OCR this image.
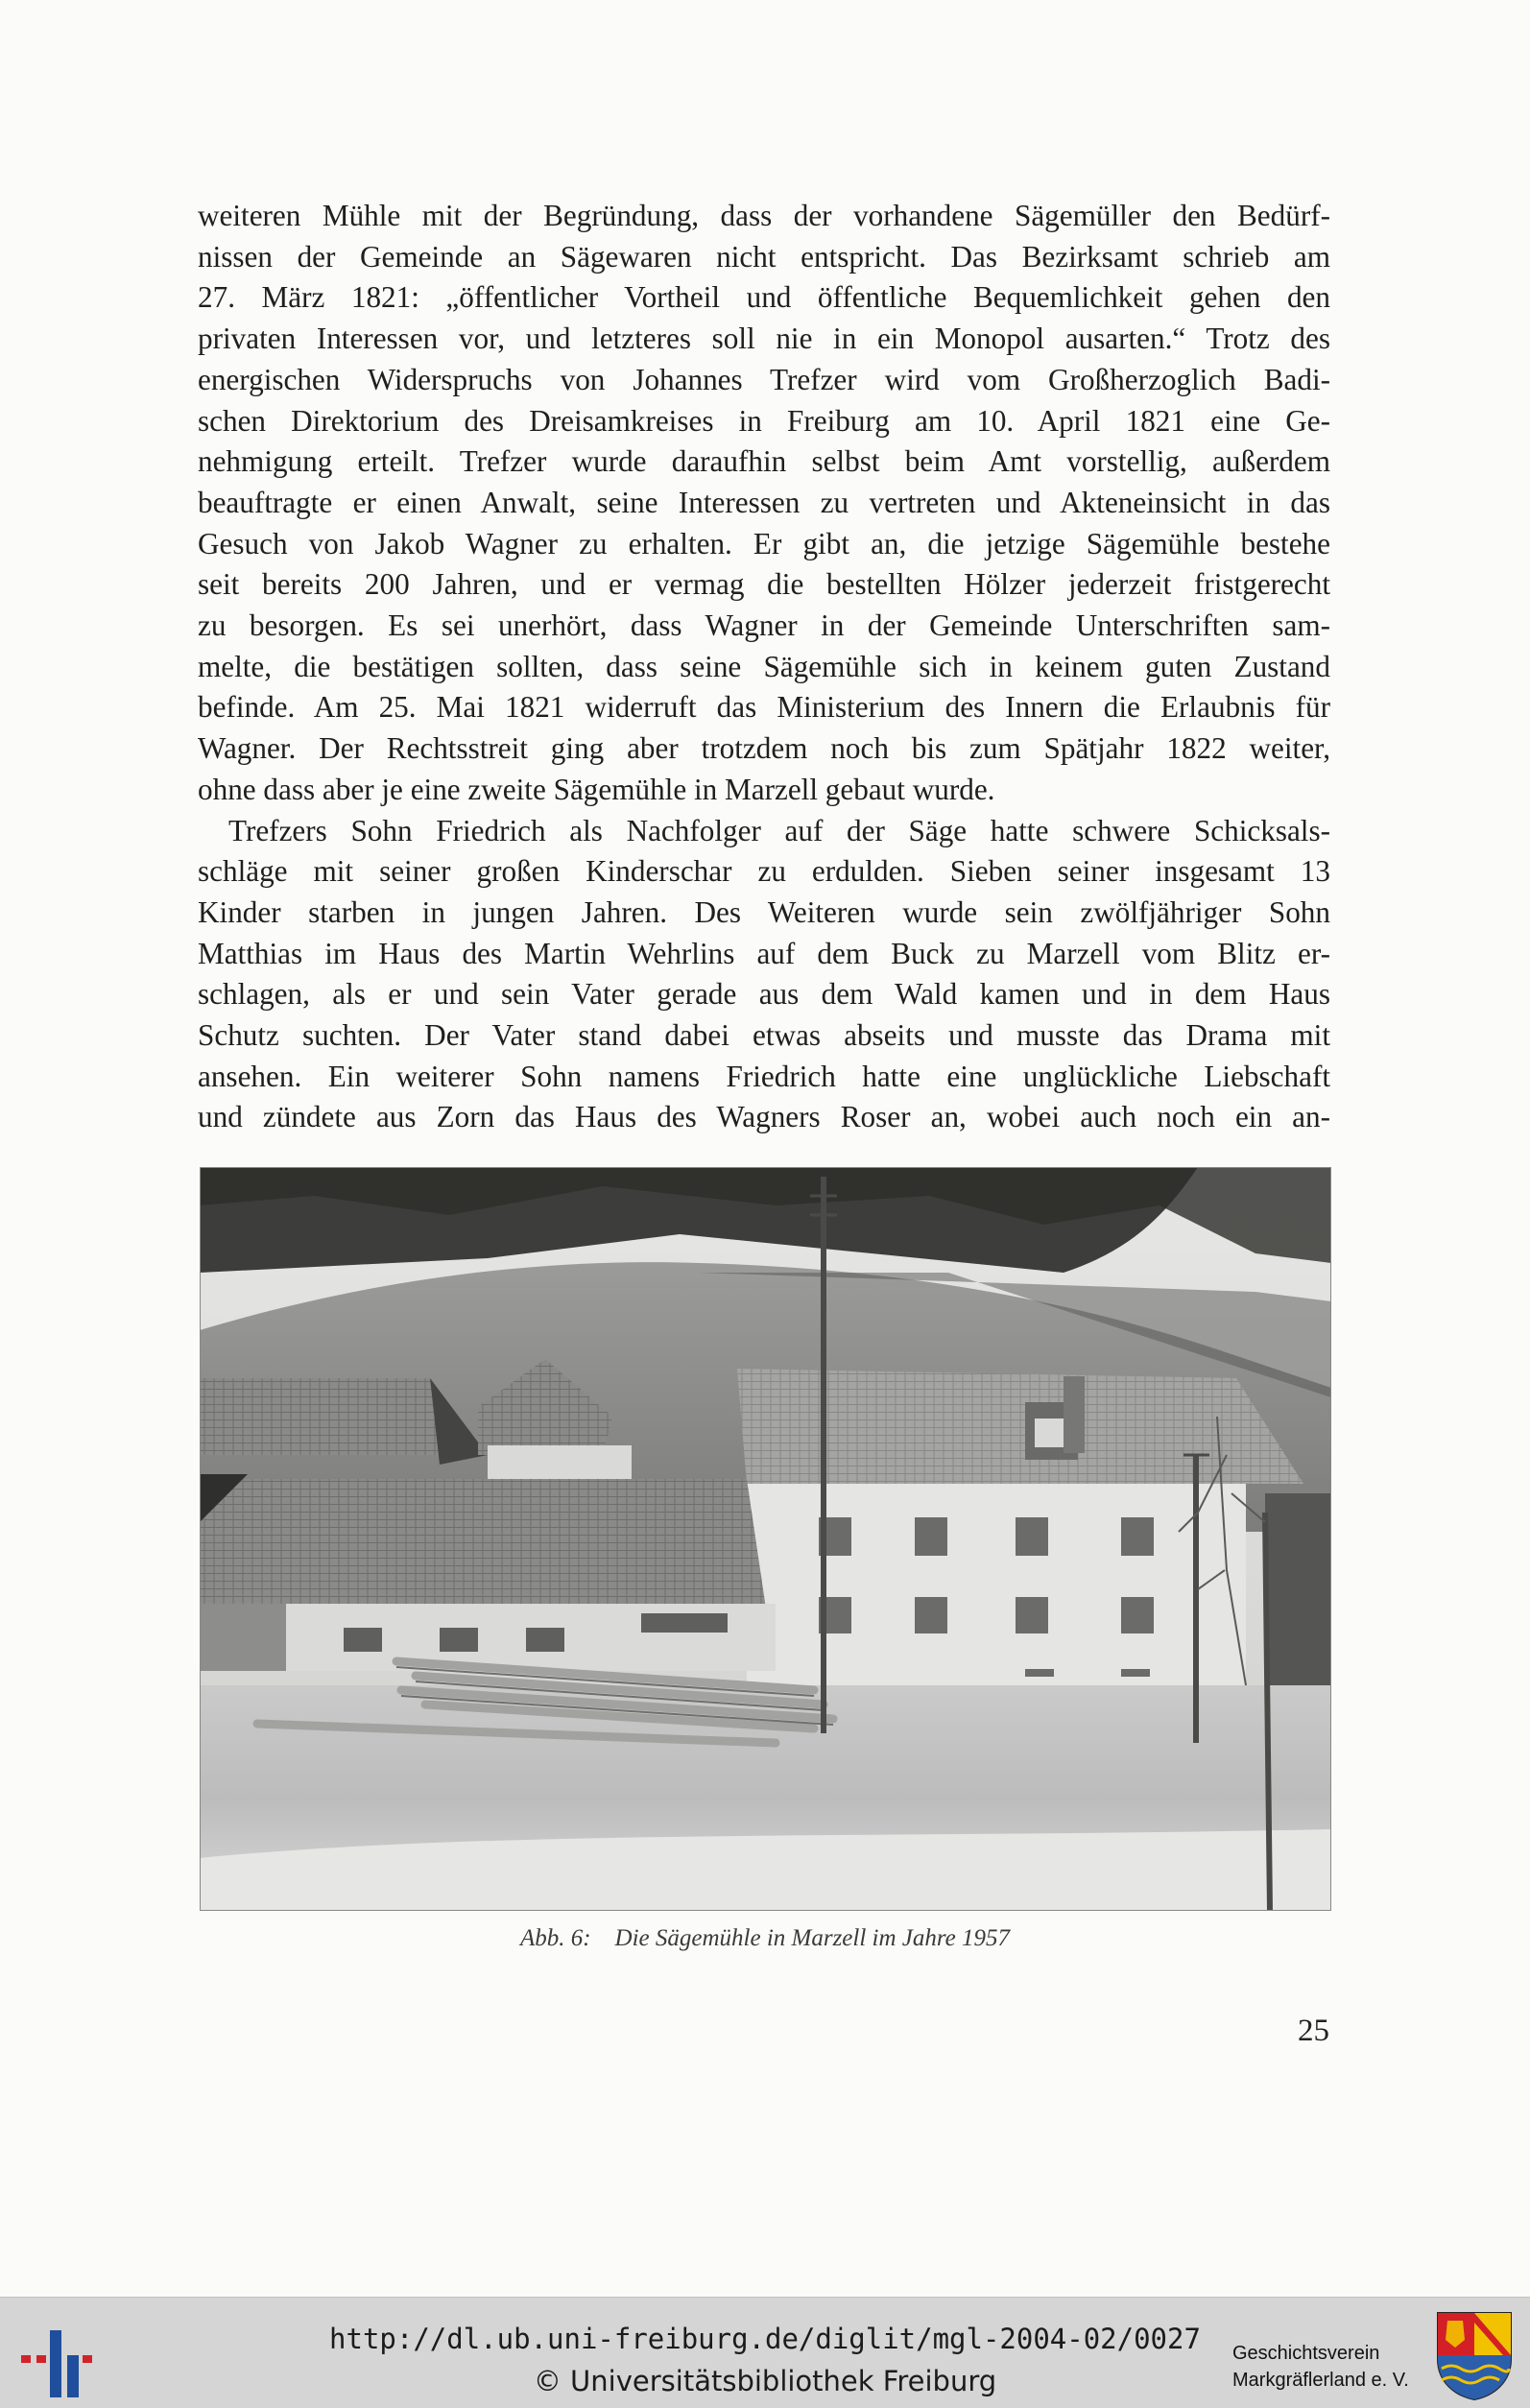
weiteren Mühle mit der Begründung, dass der vorhandene Sägemüller den Bedürf-

nissen der Gemeinde an Sägewaren nicht entspricht. Das Bezirksamt schrieb am

27. März 1821: „öffentlicher Vortheil und öffentliche Bequemlichkeit gehen den

privaten Interessen vor, und letzteres soll nie in ein Monopol ausarten.“ Trotz des

energischen Widerspruchs von Johannes Trefzer wird vom Großherzoglich Badi-

schen Direktorium des Dreisamkreises in Freiburg am 10. April 1821 eine Ge-

nehmigung erteilt. Trefzer wurde daraufhin selbst beim Amt vorstellig, außerdem

beauftragte er einen Anwalt, seine Interessen zu vertreten und Akteneinsicht in das

Gesuch von Jakob Wagner zu erhalten. Er gibt an, die jetzige Sägemühle bestehe

seit bereits 200 Jahren, und er vermag die bestellten Hölzer jederzeit fristgerecht

zu besorgen. Es sei unerhört, dass Wagner in der Gemeinde Unterschriften sam-

melte, die bestätigen sollten, dass seine Sägemühle sich in keinem guten Zustand

befinde. Am 25. Mai 1821 widerruft das Ministerium des Innern die Erlaubnis für

Wagner. Der Rechtsstreit ging aber trotzdem noch bis zum Spätjahr 1822 weiter,

ohne dass aber je eine zweite Sägemühle in Marzell gebaut wurde.

Trefzers Sohn Friedrich als Nachfolger auf der Säge hatte schwere Schicksals-

schläge mit seiner großen Kinderschar zu erdulden. Sieben seiner insgesamt 13

Kinder starben in jungen Jahren. Des Weiteren wurde sein zwölfjähriger Sohn

Matthias im Haus des Martin Wehrlins auf dem Buck zu Marzell vom Blitz er-

schlagen, als er und sein Vater gerade aus dem Wald kamen und in dem Haus

Schutz suchten. Der Vater stand dabei etwas abseits und musste das Drama mit

ansehen. Ein weiterer Sohn namens Friedrich hatte eine unglückliche Liebschaft

und zündete aus Zorn das Haus des Wagners Roser an, wobei auch noch ein an-

Abb. 6:    Die Sägemühle in Marzell im Jahre 1957
25
http://dl.ub.uni-freiburg.de/diglit/mgl-2004-02/0027
© Universitätsbibliothek Freiburg
Geschichtsverein
Markgräflerland e. V.
